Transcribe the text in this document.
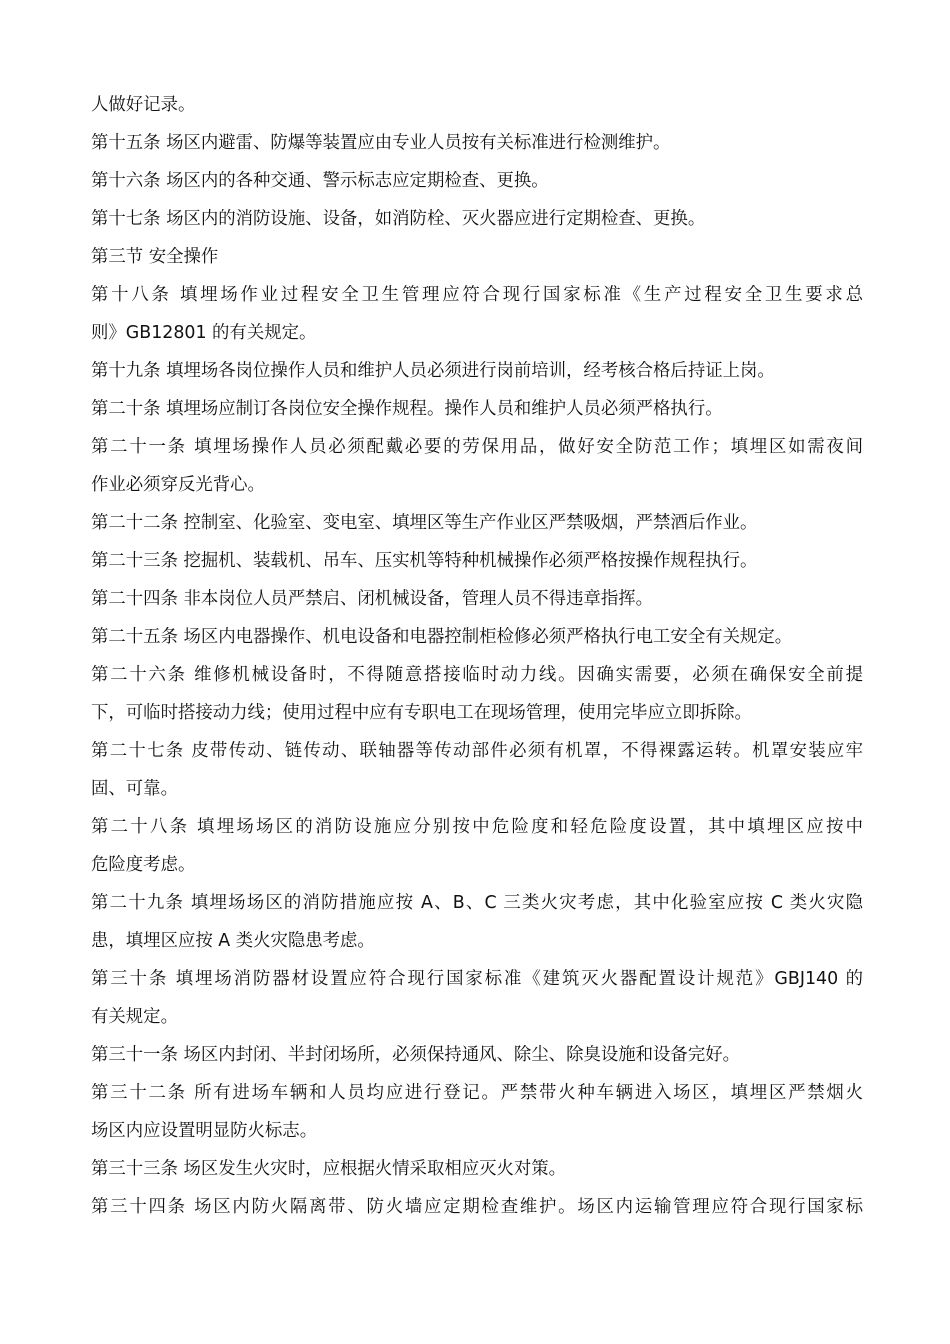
人做好记录。
第十五条 场区内避雷、防爆等装置应由专业人员按有关标准进行检测维护。
第十六条 场区内的各种交通、警示标志应定期检查、更换。
第十七条 场区内的消防设施、设备，如消防栓、灭火器应进行定期检查、更换。
第三节 安全操作
第十八条 填埋场作业过程安全卫生管理应符合现行国家标准《生产过程安全卫生要求总
则》GB12801 的有关规定。
第十九条 填埋场各岗位操作人员和维护人员必须进行岗前培训，经考核合格后持证上岗。
第二十条 填埋场应制订各岗位安全操作规程。操作人员和维护人员必须严格执行。
第二十一条 填埋场操作人员必须配戴必要的劳保用品，做好安全防范工作；填埋区如需夜间
作业必须穿反光背心。
第二十二条 控制室、化验室、变电室、填埋区等生产作业区严禁吸烟，严禁酒后作业。
第二十三条 挖掘机、装载机、吊车、压实机等特种机械操作必须严格按操作规程执行。
第二十四条 非本岗位人员严禁启、闭机械设备，管理人员不得违章指挥。
第二十五条 场区内电器操作、机电设备和电器控制柜检修必须严格执行电工安全有关规定。
第二十六条 维修机械设备时，不得随意搭接临时动力线。因确实需要，必须在确保安全前提
下，可临时搭接动力线；使用过程中应有专职电工在现场管理，使用完毕应立即拆除。
第二十七条 皮带传动、链传动、联轴器等传动部件必须有机罩，不得裸露运转。机罩安装应牢
固、可靠。
第二十八条 填埋场场区的消防设施应分别按中危险度和轻危险度设置，其中填埋区应按中
危险度考虑。
第二十九条 填埋场场区的消防措施应按 A、B、C 三类火灾考虑，其中化验室应按 C 类火灾隐
患，填埋区应按 A 类火灾隐患考虑。
第三十条 填埋场消防器材设置应符合现行国家标准《建筑灭火器配置设计规范》GBJ140 的
有关规定。
第三十一条 场区内封闭、半封闭场所，必须保持通风、除尘、除臭设施和设备完好。
第三十二条 所有进场车辆和人员均应进行登记。严禁带火种车辆进入场区，填埋区严禁烟火
场区内应设置明显防火标志。
第三十三条 场区发生火灾时，应根据火情采取相应灭火对策。
第三十四条 场区内防火隔离带、防火墙应定期检查维护。场区内运输管理应符合现行国家标
